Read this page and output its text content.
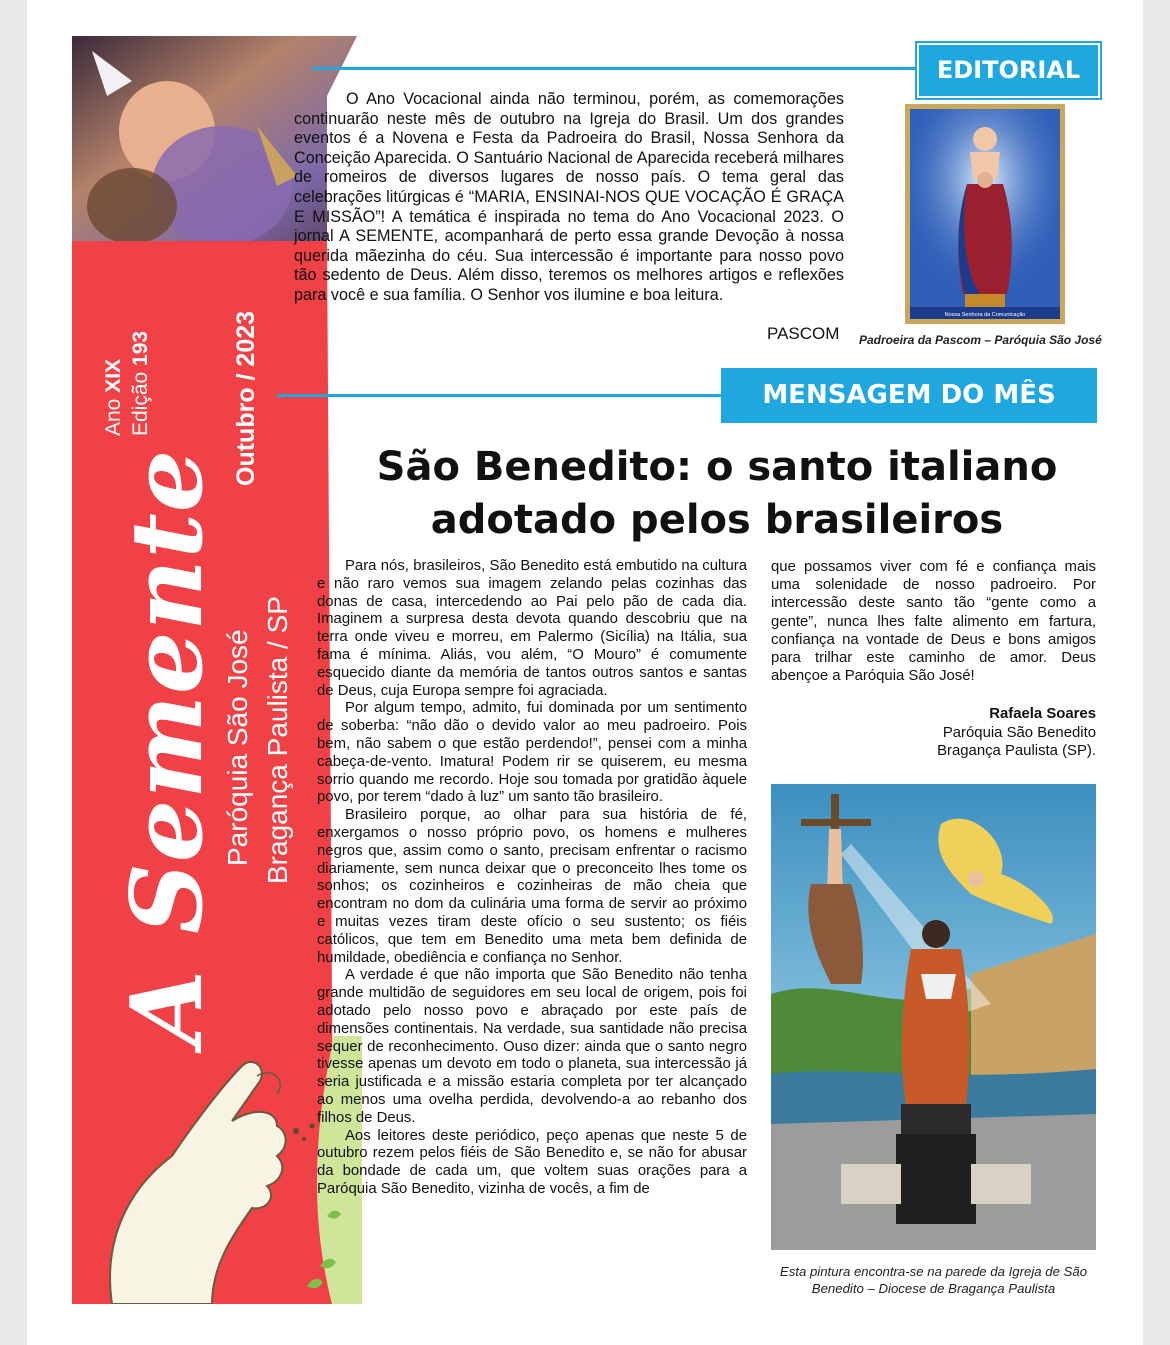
Ano XIX Edição 193	Outubro / 2023
A Semente
Paróquia São José Bragança Paulista / SP
EDITORIAL

O Ano Vocacional ainda não terminou, porém, as comemorações continuarão neste mês de outubro na Igreja do Brasil. Um dos grandes eventos é a Novena e Festa da Padroeira do Brasil, Nossa Senhora da Conceição Aparecida. O Santuário Nacional de Aparecida receberá milhares de romeiros de diversos lugares de nosso país. O tema geral das celebrações litúrgicas é “MARIA, ENSINAI-NOS QUE VOCAÇÃO É GRAÇA E MISSÃO”! A temática é inspirada no tema do Ano Vocacional 2023. O jornal A SEMENTE, acompanhará de perto essa grande Devoção à nossa querida mãezinha do céu. Sua intercessão é importante para nosso povo tão sedento de Deus. Além disso, teremos os melhores artigos e reflexões para você e sua família. O Senhor vos ilumine e boa leitura.

PASCOM
Nossa Senhora da Comunicação
Padroeira da Pascom – Paróquia São José
MENSAGEM DO MÊS
São Benedito: o santo italiano
adotado pelos brasileiros

Para nós, brasileiros, São Benedito está embutido na cultura e não raro vemos sua imagem zelando pelas cozinhas das donas de casa, intercedendo ao Pai pelo pão de cada dia. Imaginem a surpresa desta devota quando descobriu que na terra onde viveu e morreu, em Palermo (Sicília) na Itália, sua fama é mínima. Aliás, vou além, “O Mouro” é comumente esquecido diante da memória de tantos outros santos e santas de Deus, cuja Europa sempre foi agraciada.

Por algum tempo, admito, fui dominada por um sentimento de soberba: “não dão o devido valor ao meu padroeiro. Pois bem, não sabem o que estão perdendo!”, pensei com a minha cabeça-de-vento. Imatura! Podem rir se quiserem, eu mesma sorrio quando me recordo. Hoje sou tomada por gratidão àquele povo, por terem “dado à luz” um santo tão brasileiro.

Brasileiro porque, ao olhar para sua história de fé, enxergamos o nosso próprio povo, os homens e mulheres negros que, assim como o santo, precisam enfrentar o racismo diariamente, sem nunca deixar que o preconceito lhes tome os sonhos; os cozinheiros e cozinheiras de mão cheia que encontram no dom da culinária uma forma de servir ao próximo e muitas vezes tiram deste ofício o seu sustento; os fiéis católicos, que tem em Benedito uma meta bem definida de humildade, obediência e confiança no Senhor.

A verdade é que não importa que São Benedito não tenha grande multidão de seguidores em seu local de origem, pois foi adotado pelo nosso povo e abraçado por este país de dimensões continentais. Na verdade, sua santidade não precisa sequer de reconhecimento. Ouso dizer: ainda que o santo negro tivesse apenas um devoto em todo o planeta, sua intercessão já seria justificada e a missão estaria completa por ter alcançado ao menos uma ovelha perdida, devolvendo-a ao rebanho dos filhos de Deus.

Aos leitores deste periódico, peço apenas que neste 5 de outubro rezem pelos fiéis de São Benedito e, se não for abusar da bondade de cada um, que voltem suas orações para a Paróquia São Benedito, vizinha de vocês, a fim de

que possamos viver com fé e confiança mais uma solenidade de nosso padroeiro. Por intercessão deste santo tão “gente como a gente”, nunca lhes falte alimento em fartura, confiança na vontade de Deus e bons amigos para trilhar este caminho de amor. Deus abençoe a Paróquia São José!

Rafaela Soares
Paróquia São Benedito
Bragança Paulista (SP).
Esta pintura encontra-se na parede da Igreja de São Benedito – Diocese de Bragança Paulista
